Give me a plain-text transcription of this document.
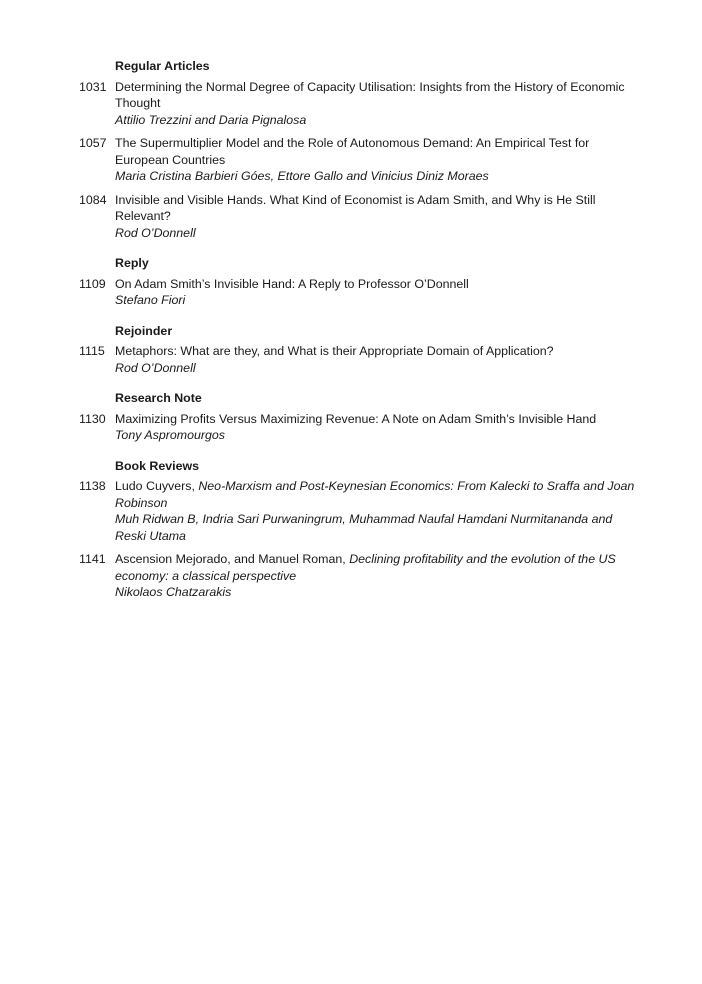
Regular Articles
1031 Determining the Normal Degree of Capacity Utilisation: Insights from the History of Economic Thought
Attilio Trezzini and Daria Pignalosa
1057 The Supermultiplier Model and the Role of Autonomous Demand: An Empirical Test for European Countries
Maria Cristina Barbieri Góes, Ettore Gallo and Vinicius Diniz Moraes
1084 Invisible and Visible Hands. What Kind of Economist is Adam Smith, and Why is He Still Relevant?
Rod O’Donnell
Reply
1109 On Adam Smith’s Invisible Hand: A Reply to Professor O’Donnell
Stefano Fiori
Rejoinder
1115 Metaphors: What are they, and What is their Appropriate Domain of Application?
Rod O’Donnell
Research Note
1130 Maximizing Profits Versus Maximizing Revenue: A Note on Adam Smith’s Invisible Hand
Tony Aspromourgos
Book Reviews
1138 Ludo Cuyvers, Neo-Marxism and Post-Keynesian Economics: From Kalecki to Sraffa and Joan Robinson
Muh Ridwan B, Indria Sari Purwaningrum, Muhammad Naufal Hamdani Nurmitananda and Reski Utama
1141 Ascension Mejorado, and Manuel Roman, Declining profitability and the evolution of the US economy: a classical perspective
Nikolaos Chatzarakis
